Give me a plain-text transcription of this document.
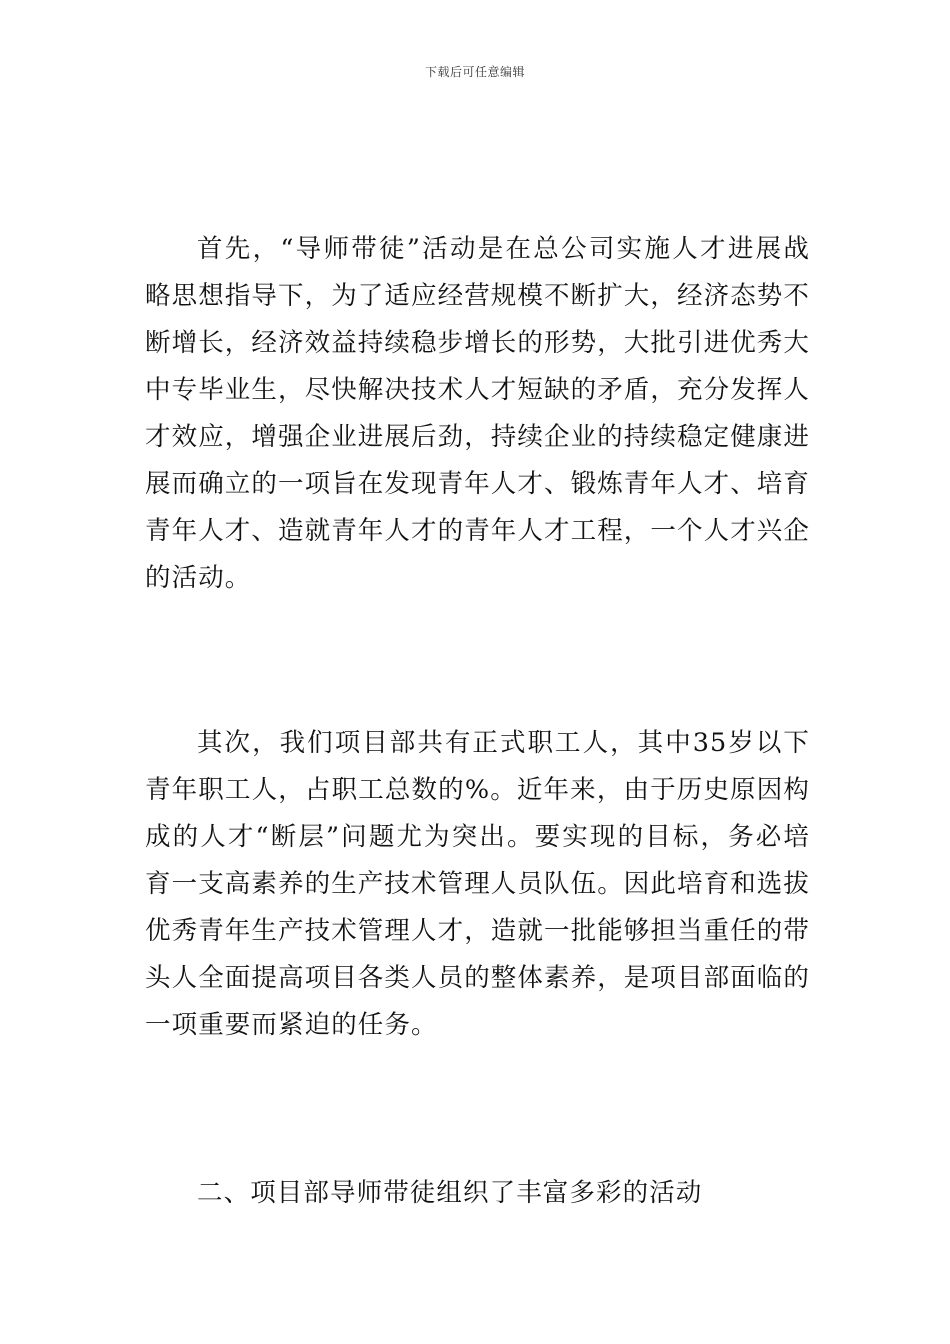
下载后可任意编辑

首先，“导师带徒”活动是在总公司实施人才进展战略思想指导下，为了适应经营规模不断扩大，经济态势不断增长，经济效益持续稳步增长的形势，大批引进优秀大中专毕业生，尽快解决技术人才短缺的矛盾，充分发挥人才效应，增强企业进展后劲，持续企业的持续稳定健康进展而确立的一项旨在发现青年人才、锻炼青年人才、培育青年人才、造就青年人才的青年人才工程，一个人才兴企的活动。

其次，我们项目部共有正式职工人，其中35岁以下青年职工人，占职工总数的%。近年来，由于历史原因构成的人才“断层”问题尤为突出。要实现的目标，务必培育一支高素养的生产技术管理人员队伍。因此培育和选拔优秀青年生产技术管理人才，造就一批能够担当重任的带头人全面提高项目各类人员的整体素养，是项目部面临的一项重要而紧迫的任务。

二、项目部导师带徒组织了丰富多彩的活动
